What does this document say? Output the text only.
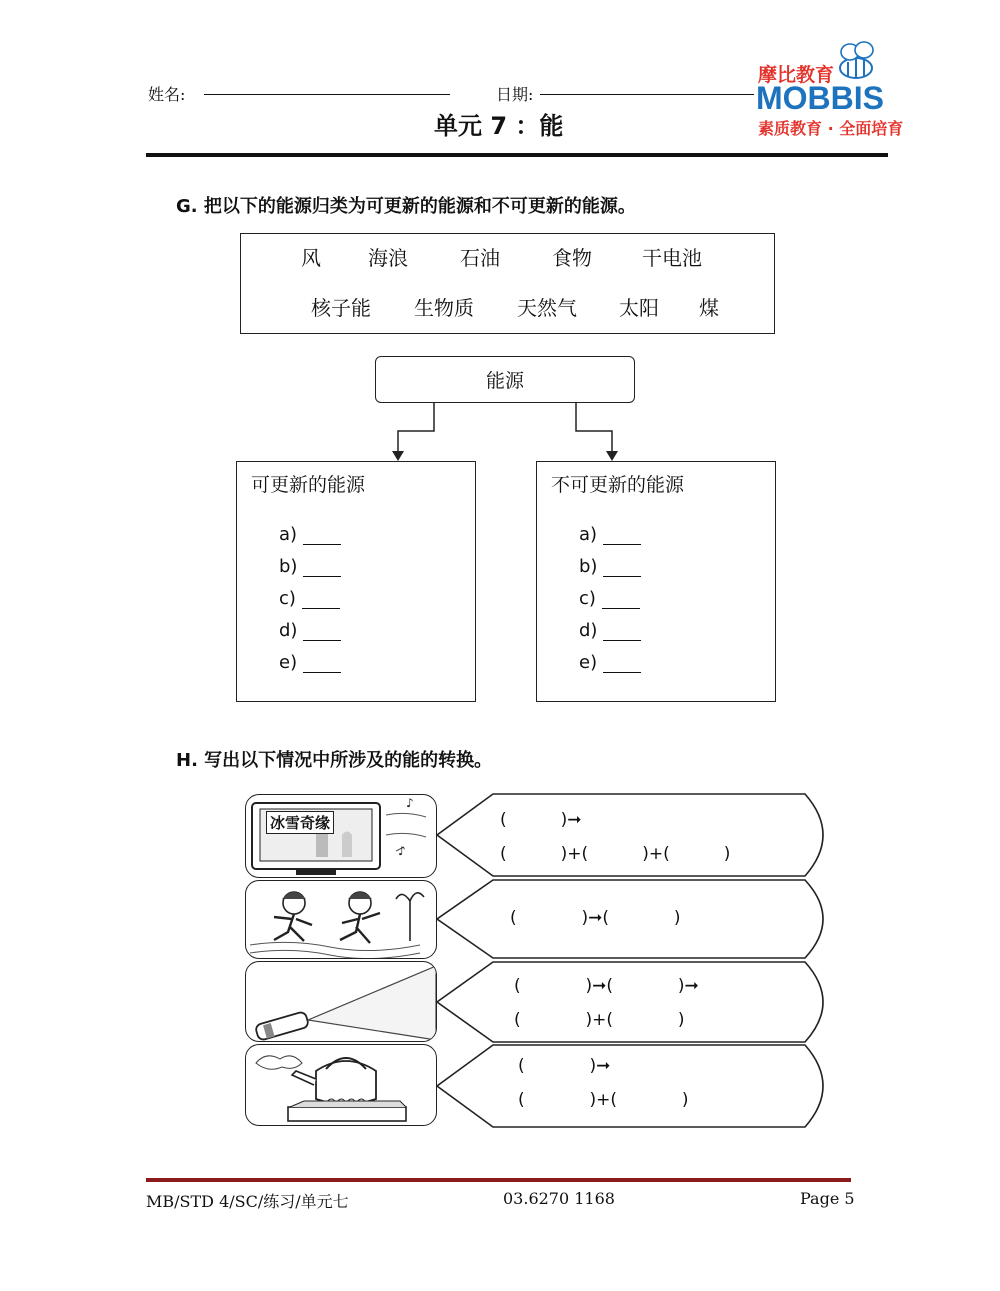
姓名:	日期:
单元 7 ：能
摩比教育
MOBBIS
素质教育 · 全面培育
G. 把以下的能源归类为可更新的能源和不可更新的能源。
风 海浪	石油	食物	干电池
核子能 生物质 天然气 太阳 煤
能源
可更新的能源
a)
b)
c)
d)
e)
不可更新的能源
a)
b)
c)
d)
e)
H. 写出以下情况中所涉及的能的转换。
♪
♪
冰雪奇缘	(          )➞
(          )+(          )+(          )
(            )➞(            )
(            )➞(            )➞
(            )+(            )
(            )➞
(            )+(            )
MB/STD 4/SC/练习/单元七	03.6270 1168	Page 5
